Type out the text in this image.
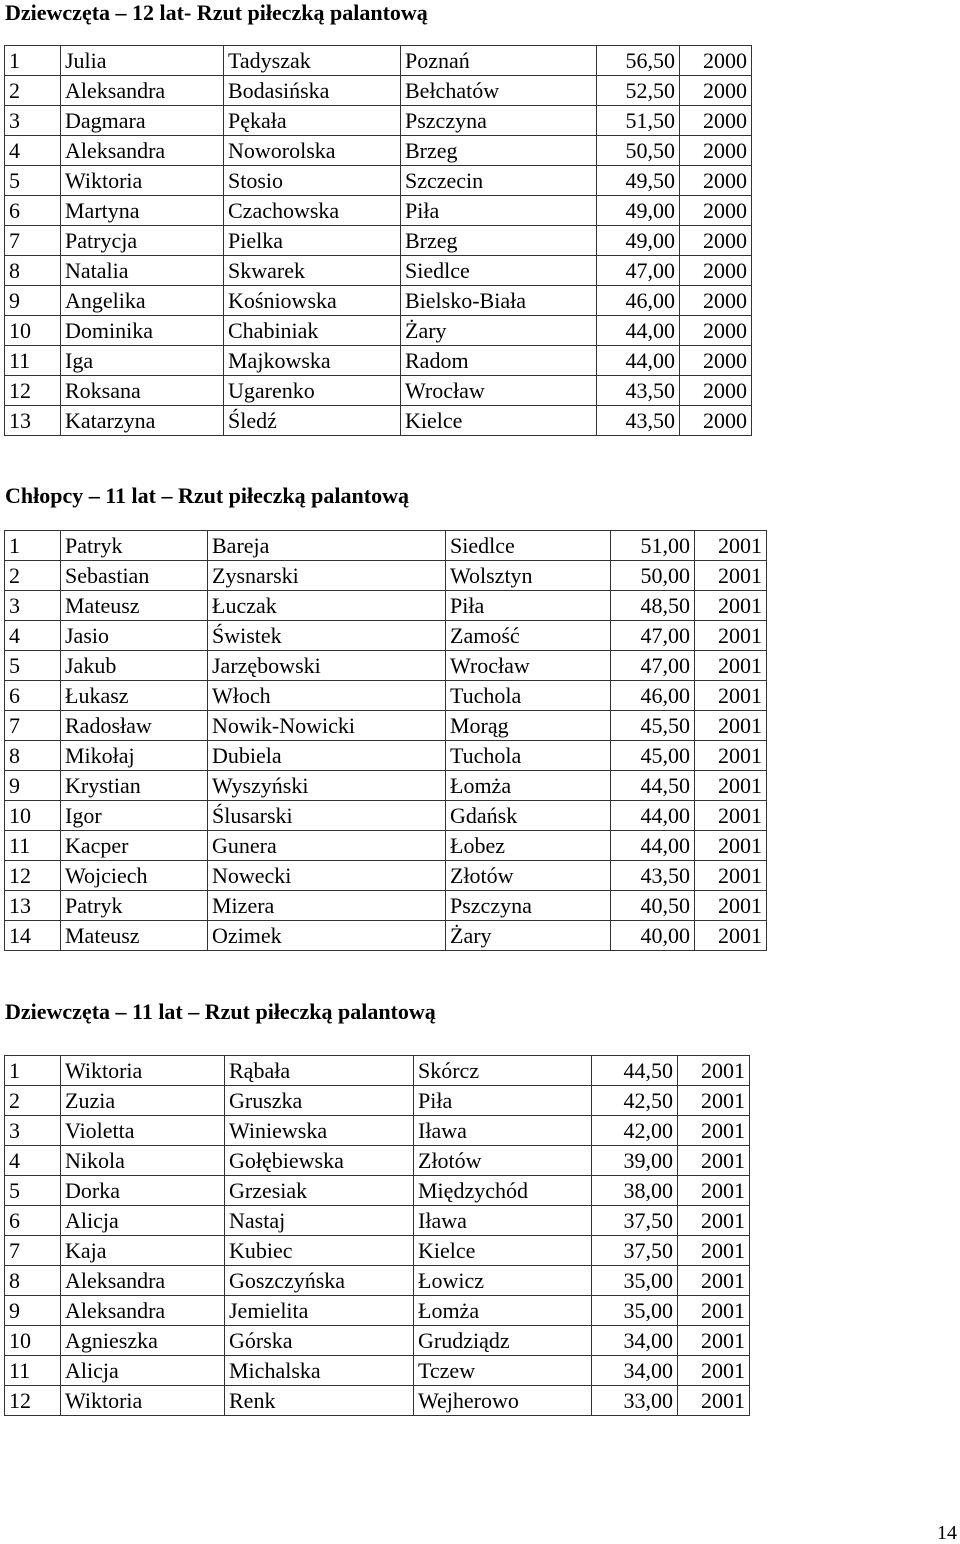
Dziewczęta – 12 lat- Rzut piłeczką palantową
1	Julia	Tadyszak	Poznań	56,50	2000
2	Aleksandra	Bodasińska	Bełchatów	52,50	2000
3	Dagmara	Pękała	Pszczyna	51,50	2000
4	Aleksandra	Noworolska	Brzeg	50,50	2000
5	Wiktoria	Stosio	Szczecin	49,50	2000
6	Martyna	Czachowska	Piła	49,00	2000
7	Patrycja	Pielka	Brzeg	49,00	2000
8	Natalia	Skwarek	Siedlce	47,00	2000
9	Angelika	Kośniowska	Bielsko-Biała	46,00	2000
10	Dominika	Chabiniak	Żary	44,00	2000
11	Iga	Majkowska	Radom	44,00	2000
12	Roksana	Ugarenko	Wrocław	43,50	2000
13	Katarzyna	Śledź	Kielce	43,50	2000
Chłopcy – 11 lat – Rzut piłeczką palantową
1	Patryk	Bareja	Siedlce	51,00	2001
2	Sebastian	Zysnarski	Wolsztyn	50,00	2001
3	Mateusz	Łuczak	Piła	48,50	2001
4	Jasio	Świstek	Zamość	47,00	2001
5	Jakub	Jarzębowski	Wrocław	47,00	2001
6	Łukasz	Włoch	Tuchola	46,00	2001
7	Radosław	Nowik-Nowicki	Morąg	45,50	2001
8	Mikołaj	Dubiela	Tuchola	45,00	2001
9	Krystian	Wyszyński	Łomża	44,50	2001
10	Igor	Ślusarski	Gdańsk	44,00	2001
11	Kacper	Gunera	Łobez	44,00	2001
12	Wojciech	Nowecki	Złotów	43,50	2001
13	Patryk	Mizera	Pszczyna	40,50	2001
14	Mateusz	Ozimek	Żary	40,00	2001
Dziewczęta – 11 lat – Rzut piłeczką palantową
1	Wiktoria	Rąbała	Skórcz	44,50	2001
2	Zuzia	Gruszka	Piła	42,50	2001
3	Violetta	Winiewska	Iława	42,00	2001
4	Nikola	Gołębiewska	Złotów	39,00	2001
5	Dorka	Grzesiak	Międzychód	38,00	2001
6	Alicja	Nastaj	Iława	37,50	2001
7	Kaja	Kubiec	Kielce	37,50	2001
8	Aleksandra	Goszczyńska	Łowicz	35,00	2001
9	Aleksandra	Jemielita	Łomża	35,00	2001
10	Agnieszka	Górska	Grudziądz	34,00	2001
11	Alicja	Michalska	Tczew	34,00	2001
12	Wiktoria	Renk	Wejherowo	33,00	2001
14
